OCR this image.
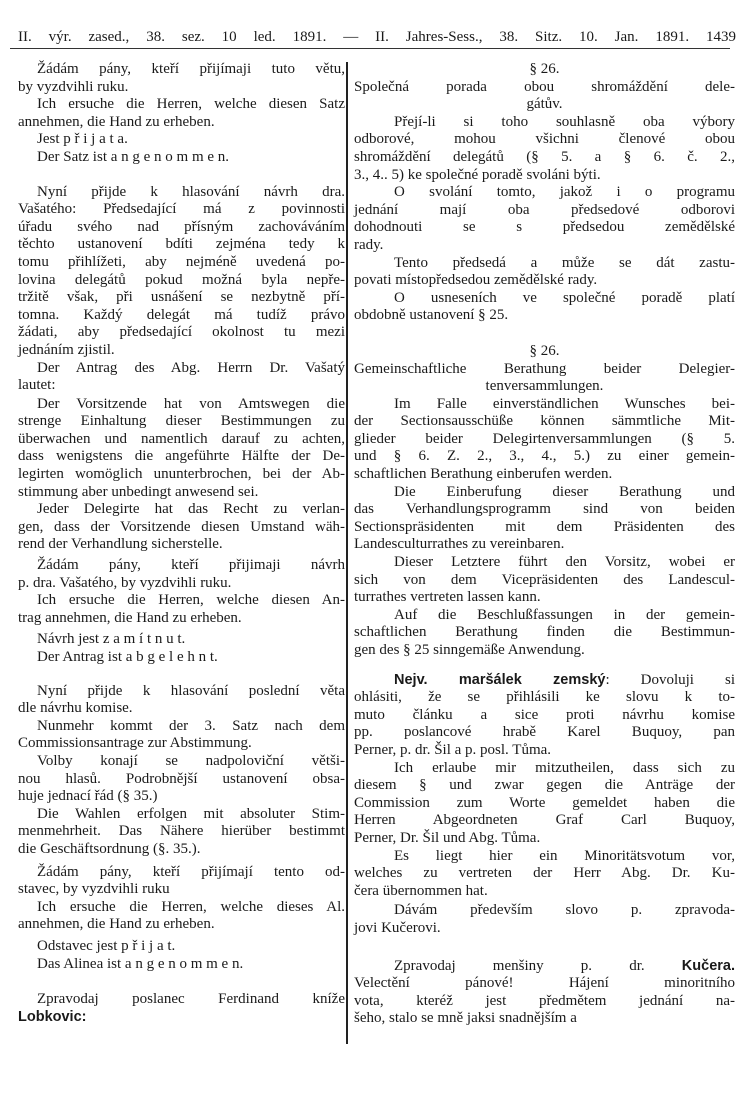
II. výr. zased., 38. sez. 10 led. 1891. — II. Jahres-Sess., 38. Sitz. 10. Jan. 1891. 1439
Žádám pány, kteří přijímaji tuto větu,
by vyzdvihli ruku.
Ich ersuche die Herren, welche diesen Satz
annehmen, die Hand zu erheben.
Jest p ř i j a t a.
Der Satz ist a n g e n o m m e n.
Nyní přijde k hlasování návrh dra.
Vašatého: Předsedající má z povinnosti
úřadu svého nad přísným zachováváním
těchto ustanovení bdíti zejména tedy k
tomu přihlížeti, aby nejméně uvedená po-
lovina delegátů pokud možná byla nepře-
tržitě však, při usnášení se nezbytně pří-
tomna. Každý delegát má tudíž právo
žádati, aby předsedající okolnost tu mezi
jednáním zjistil.
Der Antrag des Abg. Herrn Dr. Vašatý
lautet:
Der Vorsitzende hat von Amtswegen die
strenge Einhaltung dieser Bestimmungen zu
überwachen und namentlich darauf zu achten,
dass wenigstens die angeführte Hälfte der De-
legirten womöglich ununterbrochen, bei der Ab-
stimmung aber unbedingt anwesend sei.
Jeder Delegirte hat das Recht zu verlan-
gen, dass der Vorsitzende diesen Umstand wäh-
rend der Verhandlung sicherstelle.
Žádám pány, kteří přijimaji návrh
p. dra. Vašatého, by vyzdvihli ruku.
Ich ersuche die Herren, welche diesen An-
trag annehmen, die Hand zu erheben.
Návrh jest z a m í t n u t.
Der Antrag ist a b g e l e h n t.
Nyní přijde k hlasování poslední věta
dle návrhu komise.
Nunmehr kommt der 3. Satz nach dem
Commissionsantrage zur Abstimmung.
Volby konají se nadpoloviční větši-
nou hlasů. Podrobnější ustanovení obsa-
huje jednací řád (§ 35.)
Die Wahlen erfolgen mit absoluter Stim-
menmehrheit. Das Nähere hierüber bestimmt
die Geschäftsordnung (§. 35.).
Žádám pány, kteří přijímají tento od-
stavec, by vyzdvihli ruku
Ich ersuche die Herren, welche dieses Al.
annehmen, die Hand zu erheben.
Odstavec jest p ř i j a t.
Das Alinea ist a n g e n o m m e n.
Zpravodaj poslanec Ferdinand kníže
Lobkovic:
§ 26.
Společná porada obou shromáždění dele-
gátův.
Přejí-li si toho souhlasně oba výbory
odborové, mohou všichni členové obou
shromáždění delegátů (§ 5. a § 6. č. 2.,
3., 4.. 5) ke společné poradě svoláni býti.
O svolání tomto, jakož i o programu
jednání mají oba předsedové odborovi
dohodnouti se s předsedou zemědělské
rady.
Tento předsedá a může se dát zastu-
povati místopředsedou zemědělské rady.
O usneseních ve společné poradě platí
obdobně ustanovení § 25.
§ 26.
Gemeinschaftliche Berathung beider Delegier-
tenversammlungen.
Im Falle einverständlichen Wunsches bei-
der Sectionsausschüße können sämmtliche Mit-
glieder beider Delegirtenversammlungen (§ 5.
und § 6. Z. 2., 3., 4., 5.) zu einer gemein-
schaftlichen Berathung einberufen werden.
Die Einberufung dieser Berathung und
das Verhandlungsprogramm sind von beiden
Sectionspräsidenten mit dem Präsidenten des
Landesculturrathes zu vereinbaren.
Dieser Letztere führt den Vorsitz, wobei er
sich von dem Vicepräsidenten des Landescul-
turrathes vertreten lassen kann.
Auf die Beschlußfassungen in der gemein-
schaftlichen Berathung finden die Bestimmun-
gen des § 25 sinngemäße Anwendung.
Nejv. maršálek zemský: Dovoluji si
ohlásiti, že se přihlásili ke slovu k to-
muto článku a sice proti návrhu komise
pp. poslancové hrabě Karel Buquoy, pan
Perner, p. dr. Šil a p. posl. Tůma.
Ich erlaube mir mitzutheilen, dass sich zu
diesem § und zwar gegen die Anträge der
Commission zum Worte gemeldet haben die
Herren Abgeordneten Graf Carl Buquoy,
Perner, Dr. Šil und Abg. Tůma.
Es liegt hier ein Minoritätsvotum vor,
welches zu vertreten der Herr Abg. Dr. Ku-
čera übernommen hat.
Dávám především slovo p. zpravoda-
jovi Kučerovi.
Zpravodaj menšiny p. dr. Kučera.
Velectění pánové! Hájení minoritního
vota, kteréž jest předmětem jednání na-
šeho, stalo se mně jaksi snadnějším a
